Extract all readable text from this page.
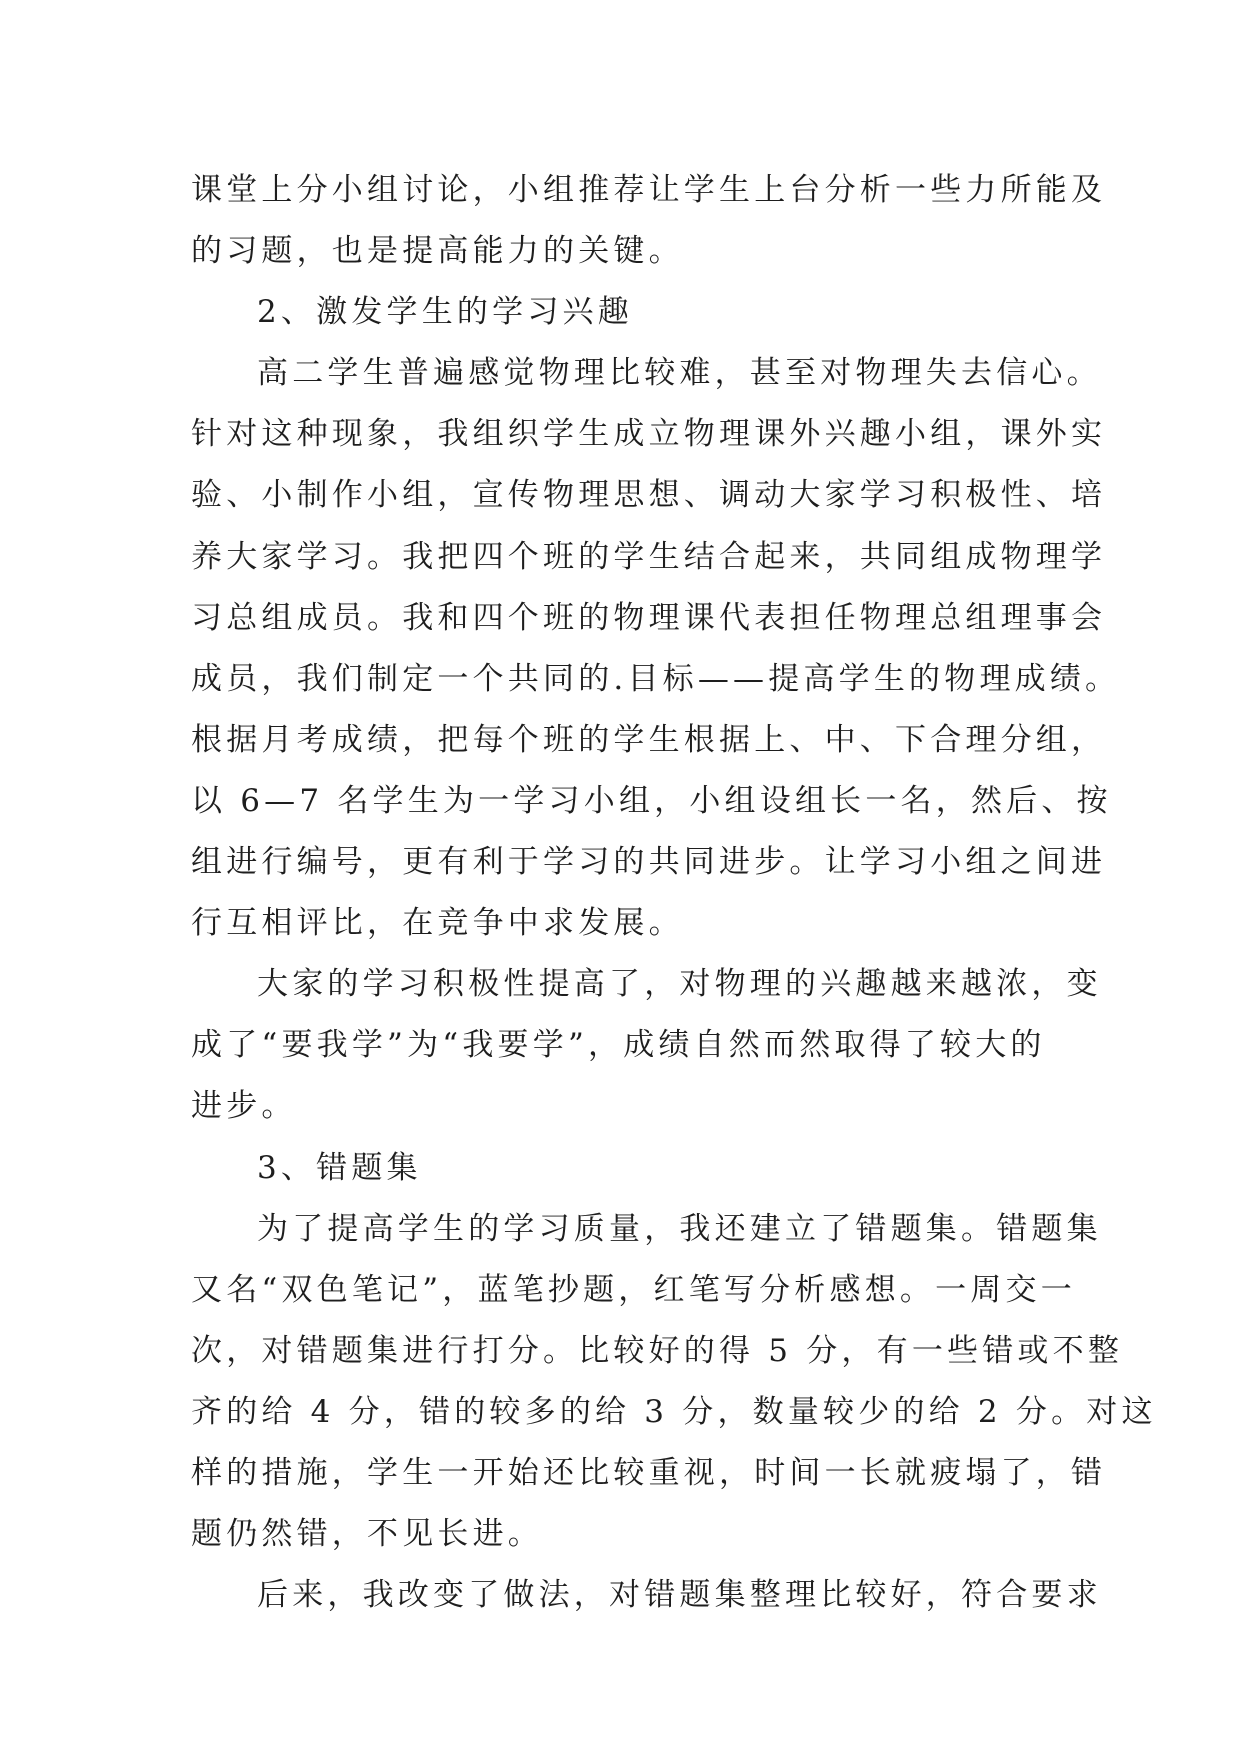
课堂上分小组讨论，小组推荐让学生上台分析一些力所能及
的习题，也是提高能力的关键。
2、激发学生的学习兴趣
高二学生普遍感觉物理比较难，甚至对物理失去信心。
针对这种现象，我组织学生成立物理课外兴趣小组，课外实
验、小制作小组，宣传物理思想、调动大家学习积极性、培
养大家学习。我把四个班的学生结合起来，共同组成物理学
习总组成员。我和四个班的物理课代表担任物理总组理事会
成员，我们制定一个共同的.目标——提高学生的物理成绩。
根据月考成绩，把每个班的学生根据上、中、下合理分组，
以 6—7 名学生为一学习小组，小组设组长一名，然后、按
组进行编号，更有利于学习的共同进步。让学习小组之间进
行互相评比，在竞争中求发展。
大家的学习积极性提高了，对物理的兴趣越来越浓，变
成了“要我学”为“我要学”，成绩自然而然取得了较大的
进步。
3、错题集
为了提高学生的学习质量，我还建立了错题集。错题集
又名“双色笔记”，蓝笔抄题，红笔写分析感想。一周交一
次，对错题集进行打分。比较好的得 5 分，有一些错或不整
齐的给 4 分，错的较多的给 3 分，数量较少的给 2 分。对这
样的措施，学生一开始还比较重视，时间一长就疲塌了，错
题仍然错，不见长进。
后来，我改变了做法，对错题集整理比较好，符合要求
